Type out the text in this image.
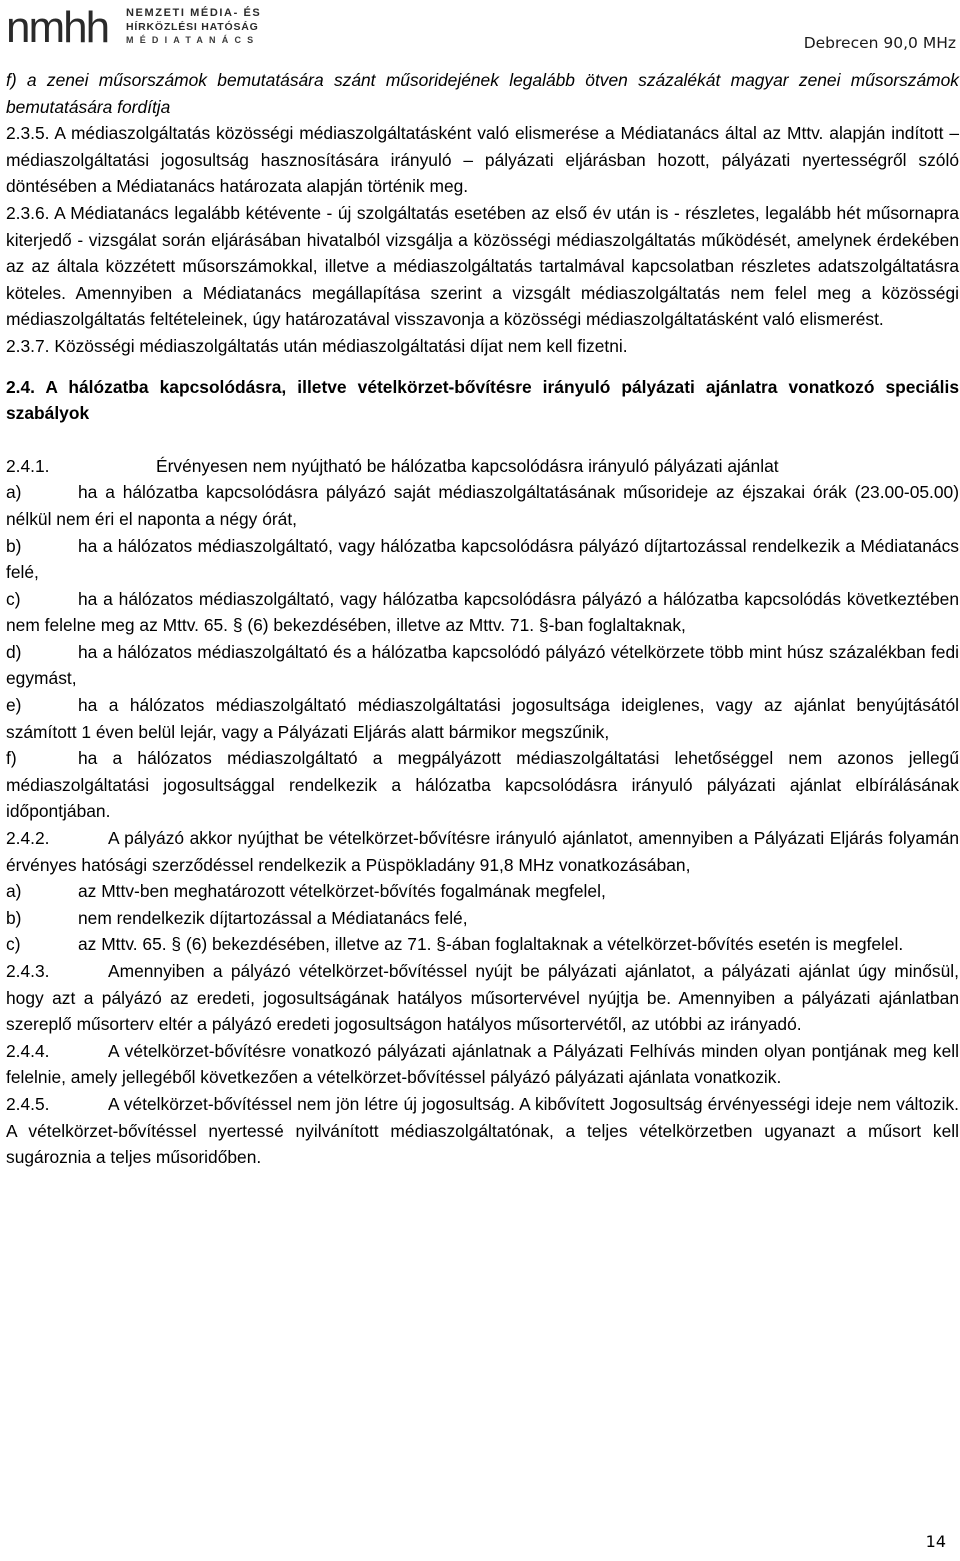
nmhh NEMZETI MÉDIA- ÉS
HÍRKÖZLÉSI HATÓSÁG
MÉDIATANÁCS	Debrecen 90,0 MHz

f) a zenei műsorszámok bemutatására szánt műsoridejének legalább ötven százalékát magyar zenei műsorszámok bemutatására fordítja

2.3.5. A médiaszolgáltatás közösségi médiaszolgáltatásként való elismerése a Médiatanács által az Mttv. alapján indított – médiaszolgáltatási jogosultság hasznosítására irányuló – pályázati eljárásban hozott, pályázati nyertességről szóló döntésében a Médiatanács határozata alapján történik meg.

2.3.6. A Médiatanács legalább kétévente - új szolgáltatás esetében az első év után is - részletes, legalább hét műsornapra kiterjedő - vizsgálat során eljárásában hivatalból vizsgálja a közösségi médiaszolgáltatás működését, amelynek érdekében az az általa közzétett műsorszámokkal, illetve a médiaszolgáltatás tartalmával kapcsolatban részletes adatszolgáltatásra köteles. Amennyiben a Médiatanács megállapítása szerint a vizsgált médiaszolgáltatás nem felel meg a közösségi médiaszolgáltatás feltételeinek, úgy határozatával visszavonja a közösségi médiaszolgáltatásként való elismerést.

2.3.7. Közösségi médiaszolgáltatás után médiaszolgáltatási díjat nem kell fizetni.

2.4. A hálózatba kapcsolódásra, illetve vételkörzet-bővítésre irányuló pályázati ajánlatra vonatkozó speciális szabályok

2.4.1.	Érvényesen nem nyújtható be hálózatba kapcsolódásra irányuló pályázati ajánlat

a)	ha a hálózatba kapcsolódásra pályázó saját médiaszolgáltatásának műsorideje az éjszakai órák (23.00-05.00) nélkül nem éri el naponta a négy órát,

b)	ha a hálózatos médiaszolgáltató, vagy hálózatba kapcsolódásra pályázó díjtartozással rendelkezik a Médiatanács felé,

c)	ha a hálózatos médiaszolgáltató, vagy hálózatba kapcsolódásra pályázó a hálózatba kapcsolódás következtében nem felelne meg az Mttv. 65. § (6) bekezdésében, illetve az Mttv. 71. §-ban foglaltaknak,

d)	ha a hálózatos médiaszolgáltató és a hálózatba kapcsolódó pályázó vételkörzete több mint húsz százalékban fedi egymást,

e)	ha a hálózatos médiaszolgáltató médiaszolgáltatási jogosultsága ideiglenes, vagy az ajánlat benyújtásától számított 1 éven belül lejár, vagy a Pályázati Eljárás alatt bármikor megszűnik,

f)	ha a hálózatos médiaszolgáltató a megpályázott médiaszolgáltatási lehetőséggel nem azonos jellegű médiaszolgáltatási jogosultsággal rendelkezik a hálózatba kapcsolódásra irányuló pályázati ajánlat elbírálásának időpontjában.

2.4.2.	A pályázó akkor nyújthat be vételkörzet-bővítésre irányuló ajánlatot, amennyiben a Pályázati Eljárás folyamán érvényes hatósági szerződéssel rendelkezik a Püspökladány 91,8 MHz vonatkozásában,

a)	az Mttv-ben meghatározott vételkörzet-bővítés fogalmának megfelel,

b)	nem rendelkezik díjtartozással a Médiatanács felé,

c)	az Mttv. 65. § (6) bekezdésében, illetve az 71. §-ában foglaltaknak a vételkörzet-bővítés esetén is megfelel.

2.4.3.	Amennyiben a pályázó vételkörzet-bővítéssel nyújt be pályázati ajánlatot, a pályázati ajánlat úgy minősül, hogy azt a pályázó az eredeti, jogosultságának hatályos műsortervével nyújtja be. Amennyiben a pályázati ajánlatban szereplő műsorterv eltér a pályázó eredeti jogosultságon hatályos műsortervétől, az utóbbi az irányadó.

2.4.4.	A vételkörzet-bővítésre vonatkozó pályázati ajánlatnak a Pályázati Felhívás minden olyan pontjának meg kell felelnie, amely jellegéből következően a vételkörzet-bővítéssel pályázó pályázati ajánlata vonatkozik.

2.4.5.	A vételkörzet-bővítéssel nem jön létre új jogosultság. A kibővített Jogosultság érvényességi ideje nem változik. A vételkörzet-bővítéssel nyertessé nyilvánított médiaszolgáltatónak, a teljes vételkörzetben ugyanazt a műsort kell sugároznia a teljes műsoridőben.

14
